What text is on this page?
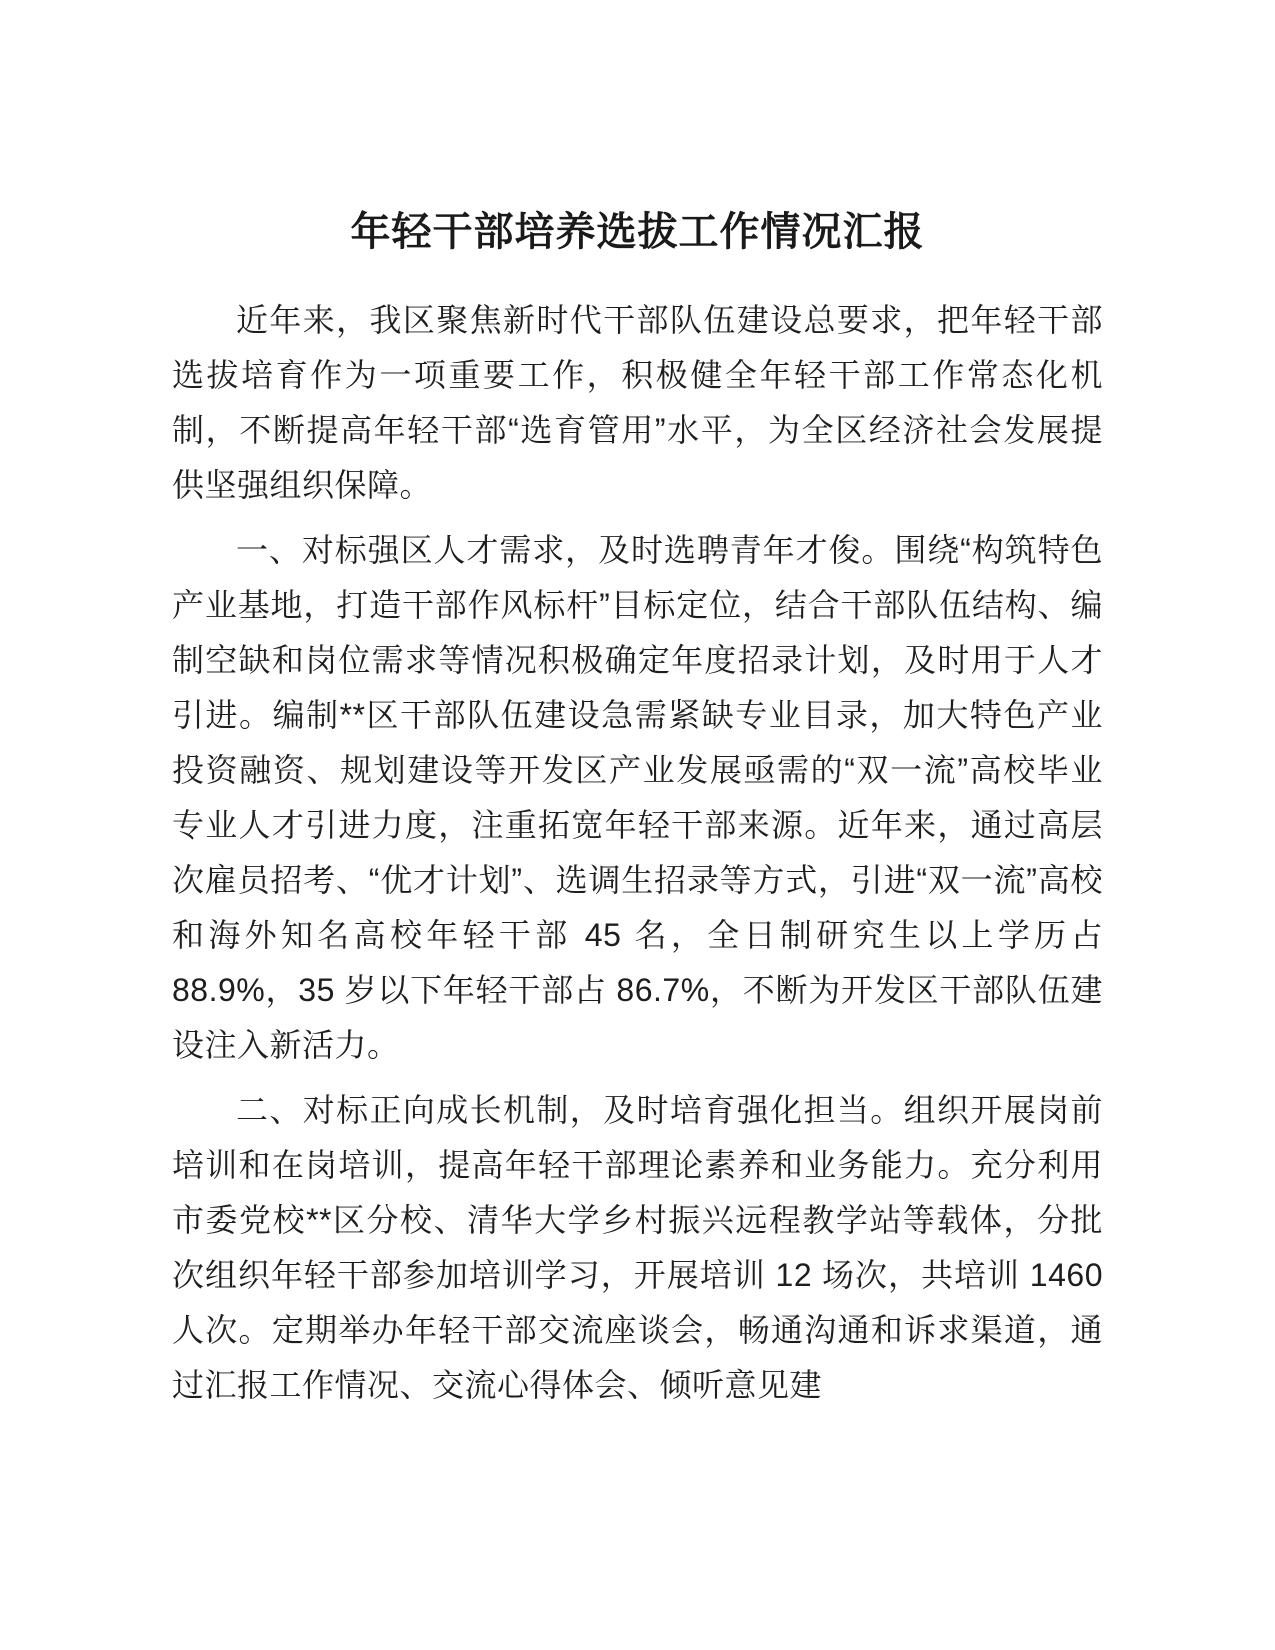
年轻干部培养选拔工作情况汇报

近年来，我区聚焦新时代干部队伍建设总要求，把年轻干部选拔培育作为一项重要工作，积极健全年轻干部工作常态化机制，不断提高年轻干部“选育管用”水平，为全区经济社会发展提供坚强组织保障。

一、对标强区人才需求，及时选聘青年才俊。围绕“构筑特色产业基地，打造干部作风标杆”目标定位，结合干部队伍结构、编制空缺和岗位需求等情况积极确定年度招录计划，及时用于人才引进。编制**区干部队伍建设急需紧缺专业目录，加大特色产业投资融资、规划建设等开发区产业发展亟需的“双一流”高校毕业专业人才引进力度，注重拓宽年轻干部来源。近年来，通过高层次雇员招考、“优才计划”、选调生招录等方式，引进“双一流”高校和海外知名高校年轻干部 45 名，全日制研究生以上学历占 88.9%，35 岁以下年轻干部占 86.7%，不断为开发区干部队伍建设注入新活力。

二、对标正向成长机制，及时培育强化担当。组织开展岗前培训和在岗培训，提高年轻干部理论素养和业务能力。充分利用市委党校**区分校、清华大学乡村振兴远程教学站等载体，分批次组织年轻干部参加培训学习，开展培训 12 场次，共培训 1460 人次。定期举办年轻干部交流座谈会，畅通沟通和诉求渠道，通过汇报工作情况、交流心得体会、倾听意见建
